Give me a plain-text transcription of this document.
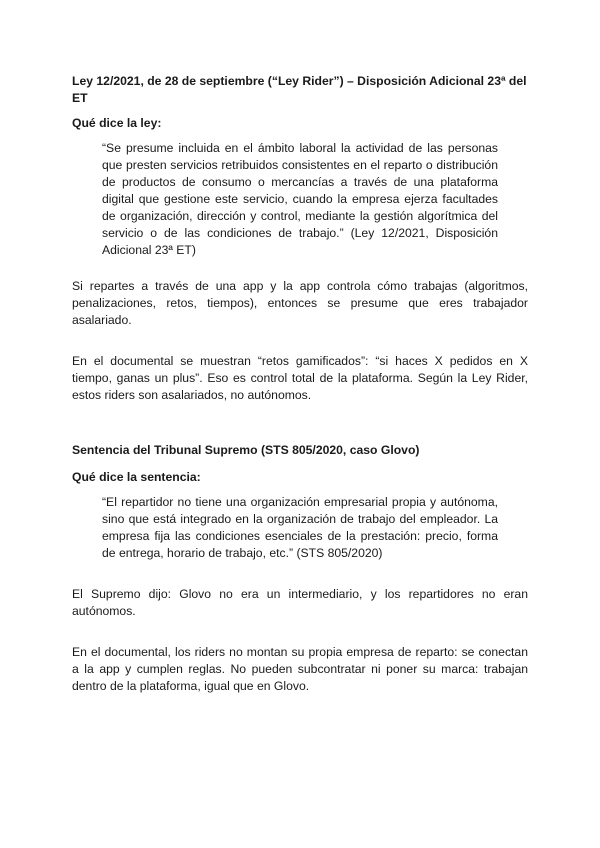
Ley 12/2021, de 28 de septiembre (“Ley Rider”) – Disposición Adicional 23ª del ET

Qué dice la ley:

“Se presume incluida en el ámbito laboral la actividad de las personas que presten servicios retribuidos consistentes en el reparto o distribución de productos de consumo o mercancías a través de una plataforma digital que gestione este servicio, cuando la empresa ejerza facultades de organización, dirección y control, mediante la gestión algorítmica del servicio o de las condiciones de trabajo.” (Ley 12/2021, Disposición Adicional 23ª ET)

Si repartes a través de una app y la app controla cómo trabajas (algoritmos, penalizaciones, retos, tiempos), entonces se presume que eres trabajador asalariado.

En el documental se muestran “retos gamificados”: “si haces X pedidos en X tiempo, ganas un plus”. Eso es control total de la plataforma. Según la Ley Rider, estos riders son asalariados, no autónomos.

Sentencia del Tribunal Supremo (STS 805/2020, caso Glovo)

Qué dice la sentencia:

“El repartidor no tiene una organización empresarial propia y autónoma, sino que está integrado en la organización de trabajo del empleador. La empresa fija las condiciones esenciales de la prestación: precio, forma de entrega, horario de trabajo, etc.” (STS 805/2020)

El Supremo dijo: Glovo no era un intermediario, y los repartidores no eran autónomos.

En el documental, los riders no montan su propia empresa de reparto: se conectan a la app y cumplen reglas. No pueden subcontratar ni poner su marca: trabajan dentro de la plataforma, igual que en Glovo.
